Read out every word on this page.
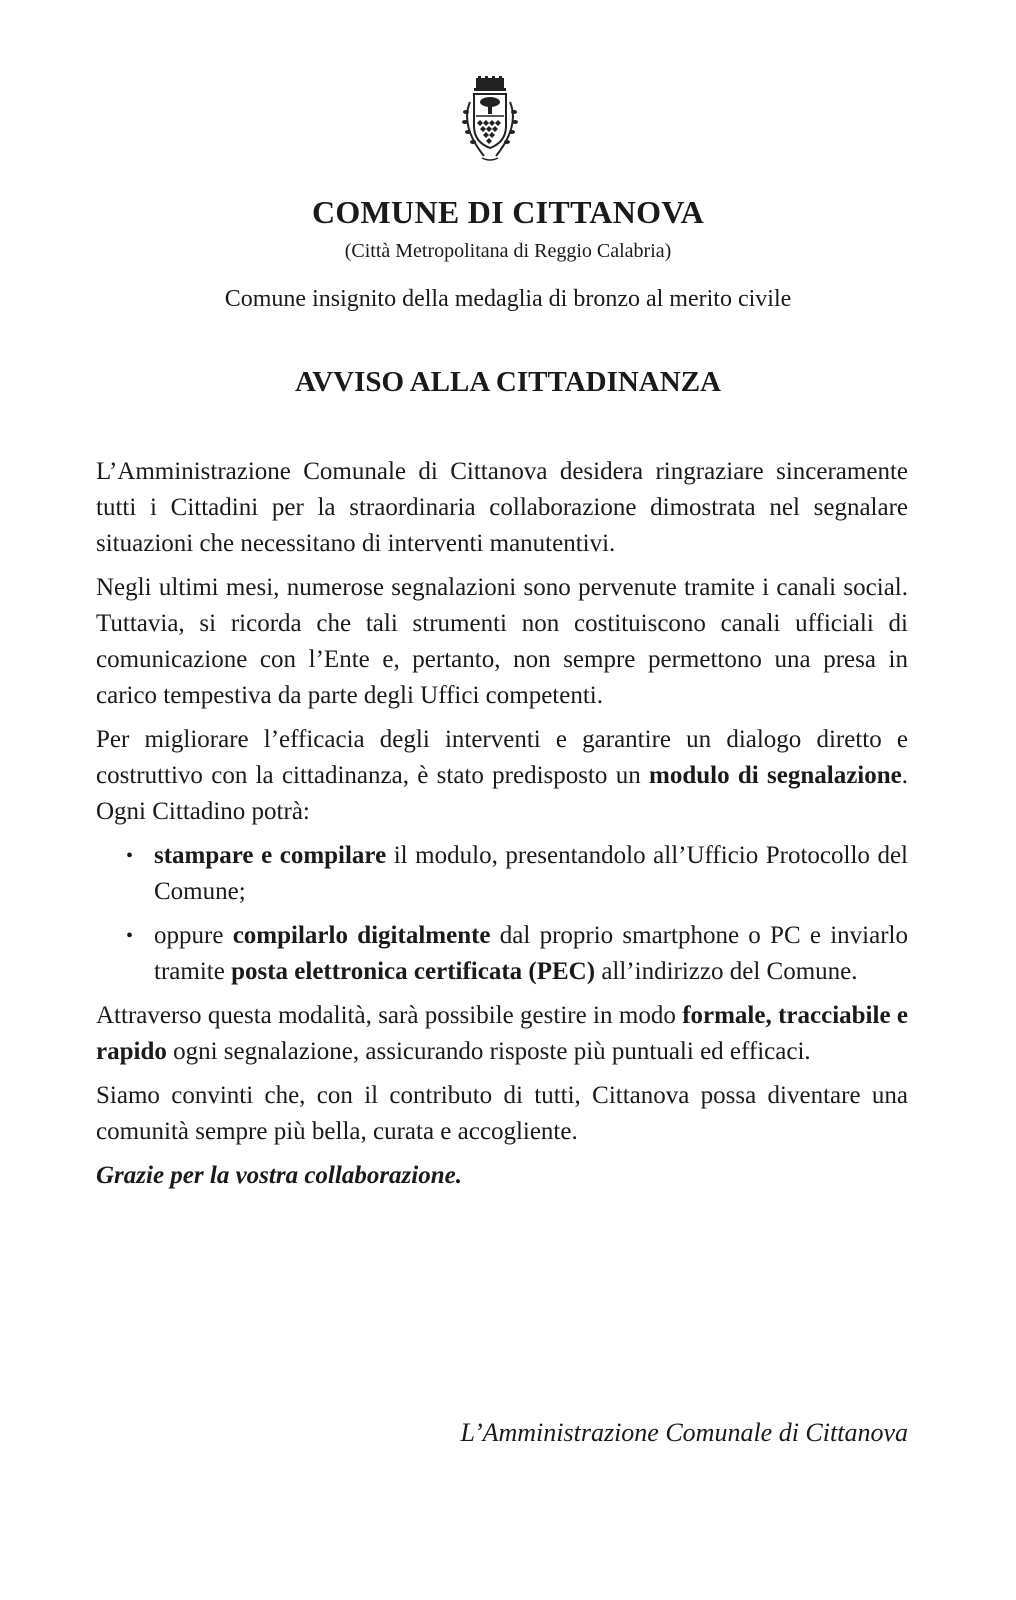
COMUNE DI CITTANOVA
(Città Metropolitana di Reggio Calabria)
Comune insignito della medaglia di bronzo al merito civile
AVVISO ALLA CITTADINANZA

L’Amministrazione Comunale di Cittanova desidera ringraziare sinceramente tutti i Cittadini per la straordinaria collaborazione dimostrata nel segnalare situazioni che necessitano di interventi manutentivi.

Negli ultimi mesi, numerose segnalazioni sono pervenute tramite i canali social. Tuttavia, si ricorda che tali strumenti non costituiscono canali ufficiali di comunicazione con l’Ente e, pertanto, non sempre permettono una presa in carico tempestiva da parte degli Uffici competenti.

Per migliorare l’efficacia degli interventi e garantire un dialogo diretto e costruttivo con la cittadinanza, è stato predisposto un modulo di segnalazione. Ogni Cittadino potrà:

• stampare e compilare il modulo, presentandolo all’Ufficio Protocollo del Comune;
• oppure compilarlo digitalmente dal proprio smartphone o PC e inviarlo tramite posta elettronica certificata (PEC) all’indirizzo del Comune.

Attraverso questa modalità, sarà possibile gestire in modo formale, tracciabile e rapido ogni segnalazione, assicurando risposte più puntuali ed efficaci.

Siamo convinti che, con il contributo di tutti, Cittanova possa diventare una comunità sempre più bella, curata e accogliente.

Grazie per la vostra collaborazione.

L’Amministrazione Comunale di Cittanova
